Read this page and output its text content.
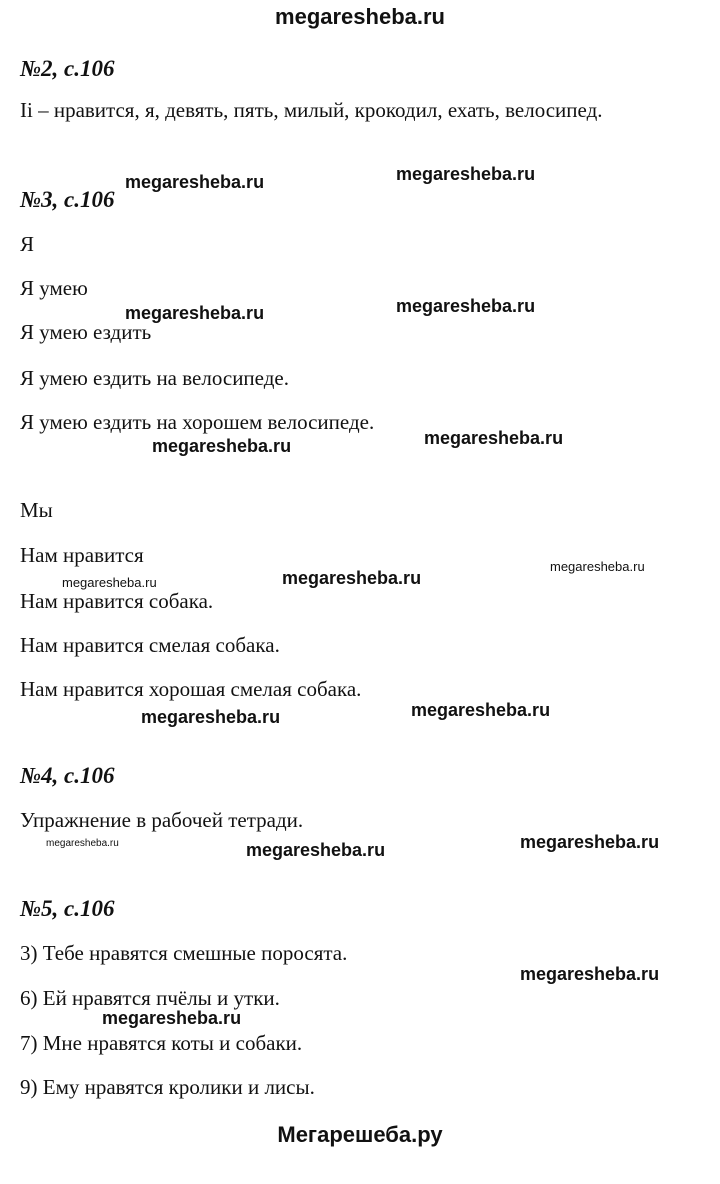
megaresheba.ru
№2, с.106
Ii – нравится, я, девять, пять, милый, крокодил, ехать, велосипед.
№3, с.106
Я
Я умею
Я умею ездить
Я умею ездить на велосипеде.
Я умею ездить на хорошем велосипеде.
Мы
Нам нравится
Нам нравится собака.
Нам нравится смелая собака.
Нам нравится хорошая смелая собака.
№4, с.106
Упражнение в рабочей тетради.
№5, с.106
3) Тебе нравятся смешные поросята.
6) Ей нравятся пчёлы и утки.
7) Мне нравятся коты и собаки.
9) Ему нравятся кролики и лисы.
megaresheba.ru	megaresheba.ru
megaresheba.ru	megaresheba.ru
megaresheba.ru	megaresheba.ru
megaresheba.ru
megaresheba.ru	megaresheba.ru
megaresheba.ru	megaresheba.ru
megaresheba.ru	megaresheba.ru	megaresheba.ru
megaresheba.ru
megaresheba.ru
Мегарешеба.ру
